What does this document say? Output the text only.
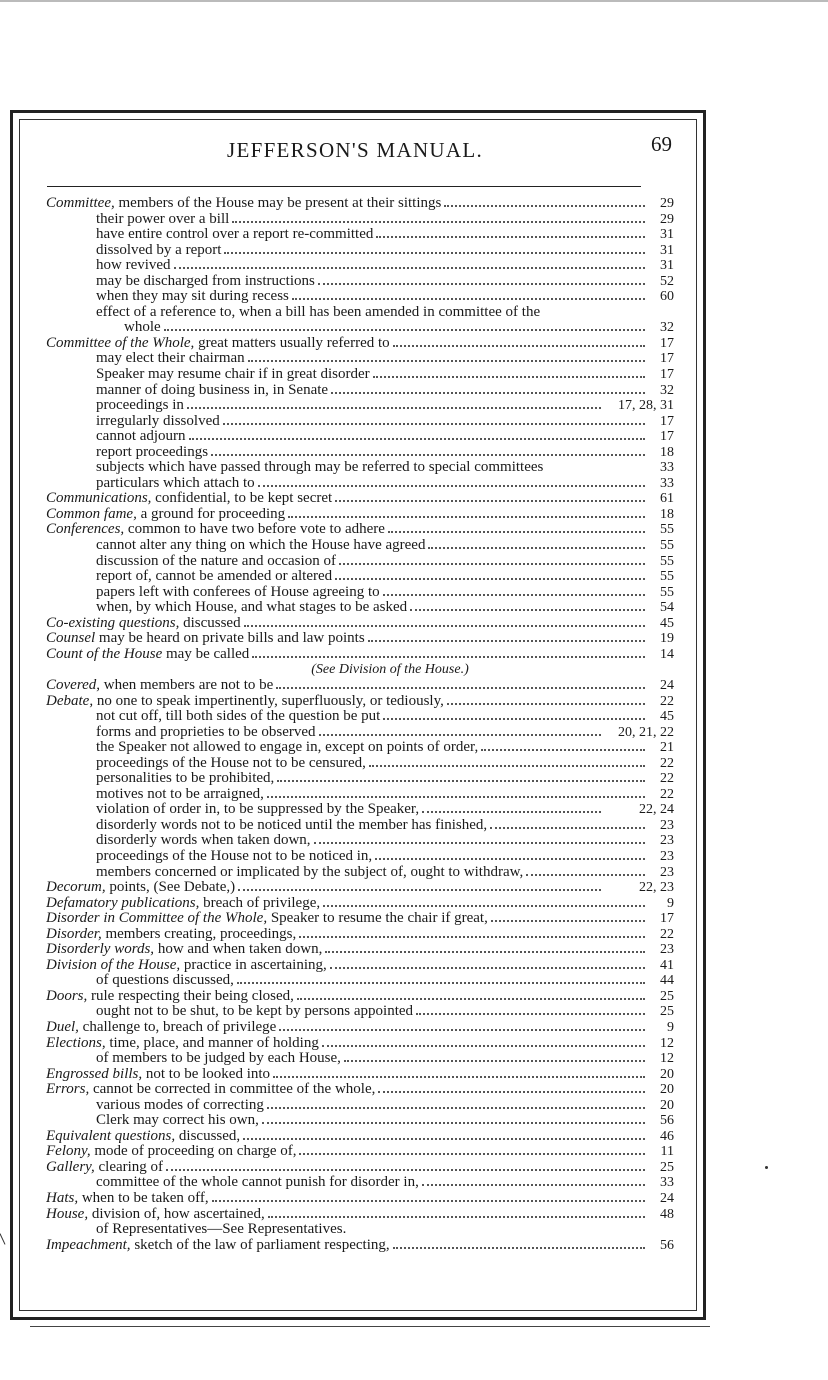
JEFFERSON'S MANUAL.	69
Committee, members of the House may be present at their sittings	29
their power over a bill	29
have entire control over a report re-committed	31
dissolved by a report	31
how revived	31
may be discharged from instructions	52
when they may sit during recess	60
effect of a reference to, when a bill has been amended in committee of the
whole	32
Committee of the Whole, great matters usually referred to	17
may elect their chairman	17
Speaker may resume chair if in great disorder	17
manner of doing business in, in Senate	32
proceedings in	17, 28, 31
irregularly dissolved	17
cannot adjourn	17
report proceedings	18
subjects which have passed through may be referred to special committees	33
particulars which attach to	33
Communications, confidential, to be kept secret	61
Common fame, a ground for proceeding	18
Conferences, common to have two before vote to adhere	55
cannot alter any thing on which the House have agreed	55
discussion of the nature and occasion of	55
report of, cannot be amended or altered	55
papers left with conferees of House agreeing to	55
when, by which House, and what stages to be asked	54
Co-existing questions, discussed	45
Counsel may be heard on private bills and law points	19
Count of the House may be called	14
(See Division of the House.)
Covered, when members are not to be	24
Debate, no one to speak impertinently, superfluously, or tediously,	22
not cut off, till both sides of the question be put	45
forms and proprieties to be observed	20, 21, 22
the Speaker not allowed to engage in, except on points of order,	21
proceedings of the House not to be censured,	22
personalities to be prohibited,	22
motives not to be arraigned,	22
violation of order in, to be suppressed by the Speaker,	22, 24
disorderly words not to be noticed until the member has finished,	23
disorderly words when taken down,	23
proceedings of the House not to be noticed in,	23
members concerned or implicated by the subject of, ought to withdraw,	23
Decorum, points, (See Debate,)	22, 23
Defamatory publications, breach of privilege,	9
Disorder in Committee of the Whole, Speaker to resume the chair if great,	17
Disorder, members creating, proceedings,	22
Disorderly words, how and when taken down,	23
Division of the House, practice in ascertaining,	41
of questions discussed,	44
Doors, rule respecting their being closed,	25
ought not to be shut, to be kept by persons appointed	25
Duel, challenge to, breach of privilege	9
Elections, time, place, and manner of holding	12
of members to be judged by each House,	12
Engrossed bills, not to be looked into	20
Errors, cannot be corrected in committee of the whole,	20
various modes of correcting	20
Clerk may correct his own,	56
Equivalent questions, discussed,	46
Felony, mode of proceeding on charge of,	11
Gallery, clearing of	25
committee of the whole cannot punish for disorder in,	33
Hats, when to be taken off,	24
House, division of, how ascertained,	48
of Representatives—See Representatives.
Impeachment, sketch of the law of parliament respecting,	56
